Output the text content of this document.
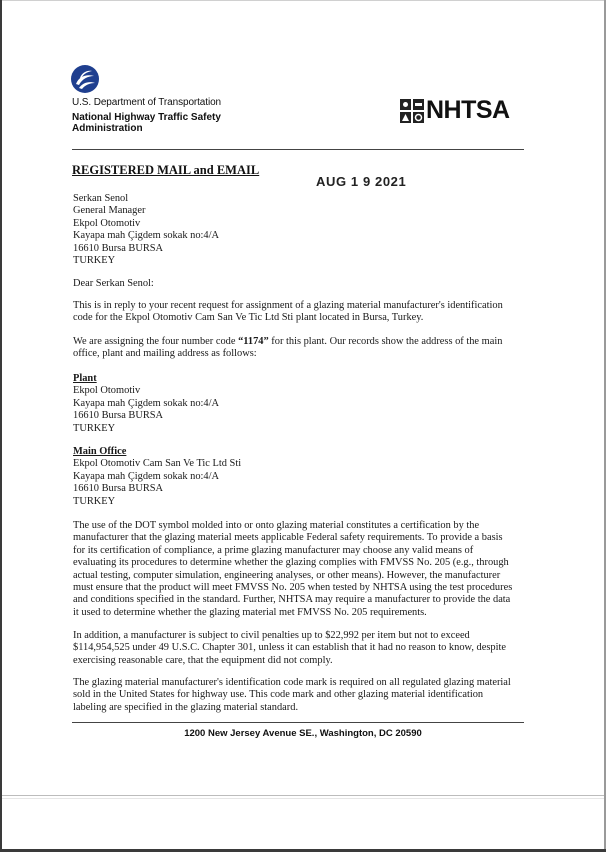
U.S. Department of Transportation
National Highway Traffic Safety Administration
NHTSA
REGISTERED MAIL and EMAIL
AUG 1 9 2021
Serkan Senol
General Manager
Ekpol Otomotiv
Kayapa mah Çigdem sokak no:4/A
16610 Bursa BURSA
TURKEY
Dear Serkan Senol:
This is in reply to your recent request for assignment of a glazing material manufacturer's identification
code for the Ekpol Otomotiv Cam San Ve Tic Ltd Sti plant located in Bursa, Turkey.
We are assigning the four number code “1174” for this plant. Our records show the address of the main
office, plant and mailing address as follows:
Plant
Ekpol Otomotiv
Kayapa mah Çigdem sokak no:4/A
16610 Bursa BURSA
TURKEY
Main Office
Ekpol Otomotiv Cam San Ve Tic Ltd Sti
Kayapa mah Çigdem sokak no:4/A
16610 Bursa BURSA
TURKEY
The use of the DOT symbol molded into or onto glazing material constitutes a certification by the
manufacturer that the glazing material meets applicable Federal safety requirements. To provide a basis
for its certification of compliance, a prime glazing manufacturer may choose any valid means of
evaluating its procedures to determine whether the glazing complies with FMVSS No. 205 (e.g., through
actual testing, computer simulation, engineering analyses, or other means). However, the manufacturer
must ensure that the product will meet FMVSS No. 205 when tested by NHTSA using the test procedures
and conditions specified in the standard. Further, NHTSA may require a manufacturer to provide the data
it used to determine whether the glazing material met FMVSS No. 205 requirements.
In addition, a manufacturer is subject to civil penalties up to $22,992 per item but not to exceed
$114,954,525 under 49 U.S.C. Chapter 301, unless it can establish that it had no reason to know, despite
exercising reasonable care, that the equipment did not comply.
The glazing material manufacturer's identification code mark is required on all regulated glazing material
sold in the United States for highway use. This code mark and other glazing material identification
labeling are specified in the glazing material standard.
1200 New Jersey Avenue SE., Washington, DC 20590
